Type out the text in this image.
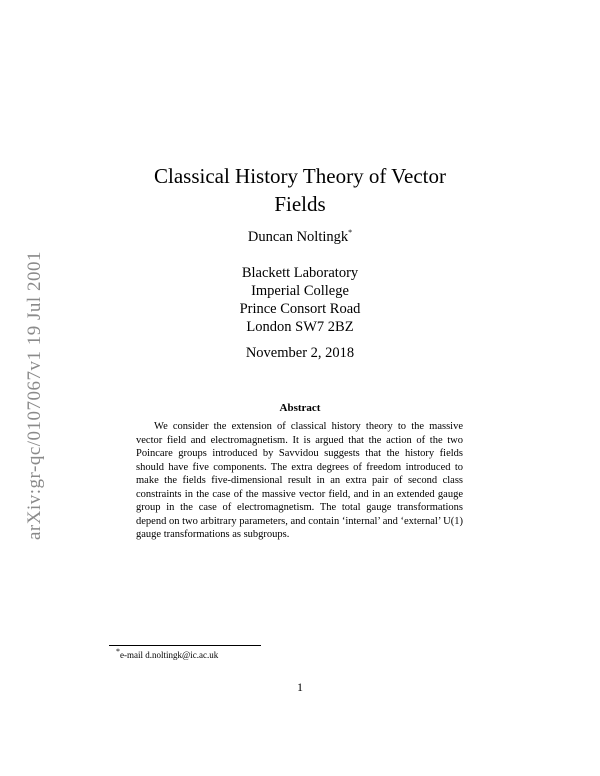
arXiv:gr-qc/0107067v1 19 Jul 2001
Classical History Theory of Vector
Fields
Duncan Noltingk*
Blackett Laboratory
Imperial College
Prince Consort Road
London SW7 2BZ
November 2, 2018
Abstract

We consider the extension of classical history theory to the massive vector field and electromagnetism. It is argued that the action of the two Poincare groups introduced by Savvidou suggests that the history fields should have five components. The extra degrees of freedom introduced to make the fields five-dimensional result in an extra pair of second class constraints in the case of the massive vector field, and in an extended gauge group in the case of electromagnetism. The total gauge transformations depend on two arbitrary parameters, and contain ‘internal’ and ‘external’ U(1) gauge transformations as subgroups.

*e-mail d.noltingk@ic.ac.uk
1
